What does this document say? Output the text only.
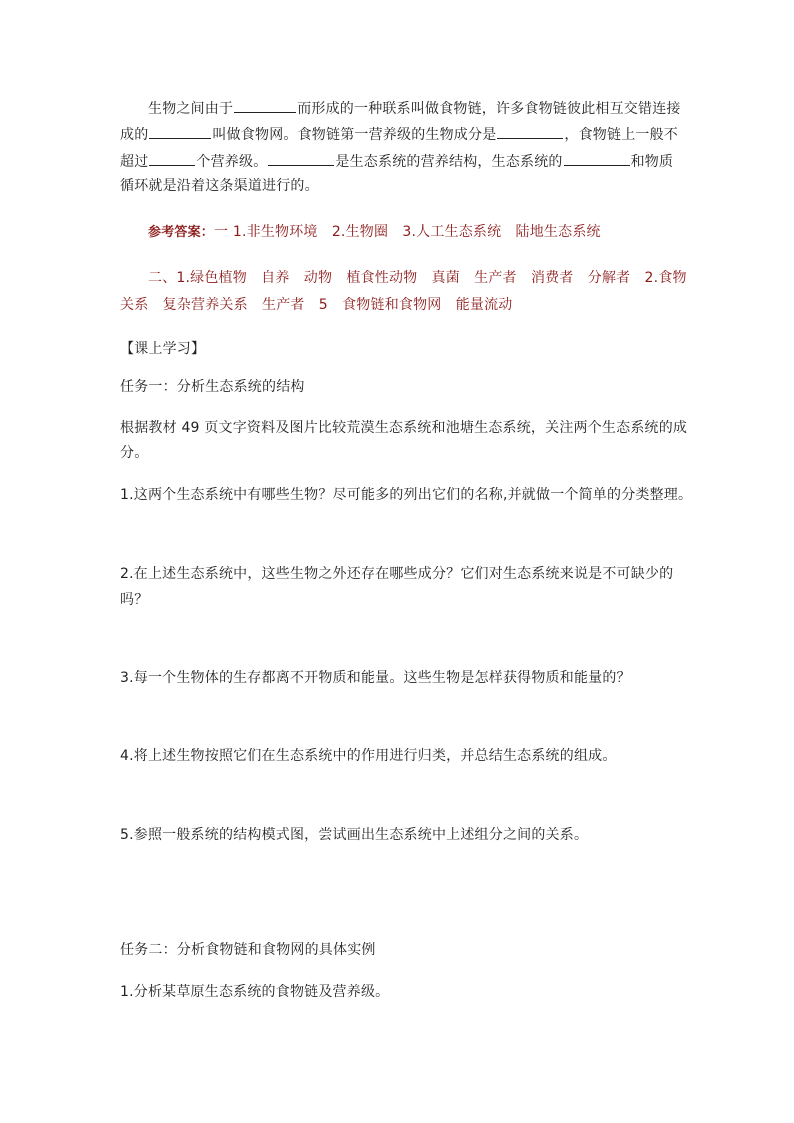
生物之间由于	而形成的一种联系叫做食物链，许多食物链彼此相互交错连接
成的	叫做食物网。食物链第一营养级的生物成分是	，食物链上一般不
超过	个营养级。	是生态系统的营养结构，生态系统的	和物质
循环就是沿着这条渠道进行的。
参考答案：一 1.非生物环境　2.生物圈　3.人工生态系统　陆地生态系统
二、1.绿色植物　自养　动物　植食性动物　真菌　生产者　消费者　分解者　2.食物
关系　复杂营养关系　生产者　5　食物链和食物网　能量流动
【课上学习】
任务一：分析生态系统的结构
根据教材 49 页文字资料及图片比较荒漠生态系统和池塘生态系统，关注两个生态系统的成
分。
1.这两个生态系统中有哪些生物？尽可能多的列出它们的名称,并就做一个简单的分类整理。
2.在上述生态系统中，这些生物之外还存在哪些成分？它们对生态系统来说是不可缺少的
吗？
3.每一个生物体的生存都离不开物质和能量。这些生物是怎样获得物质和能量的？
4.将上述生物按照它们在生态系统中的作用进行归类，并总结生态系统的组成。
5.参照一般系统的结构模式图，尝试画出生态系统中上述组分之间的关系。
任务二：分析食物链和食物网的具体实例
1.分析某草原生态系统的食物链及营养级。
